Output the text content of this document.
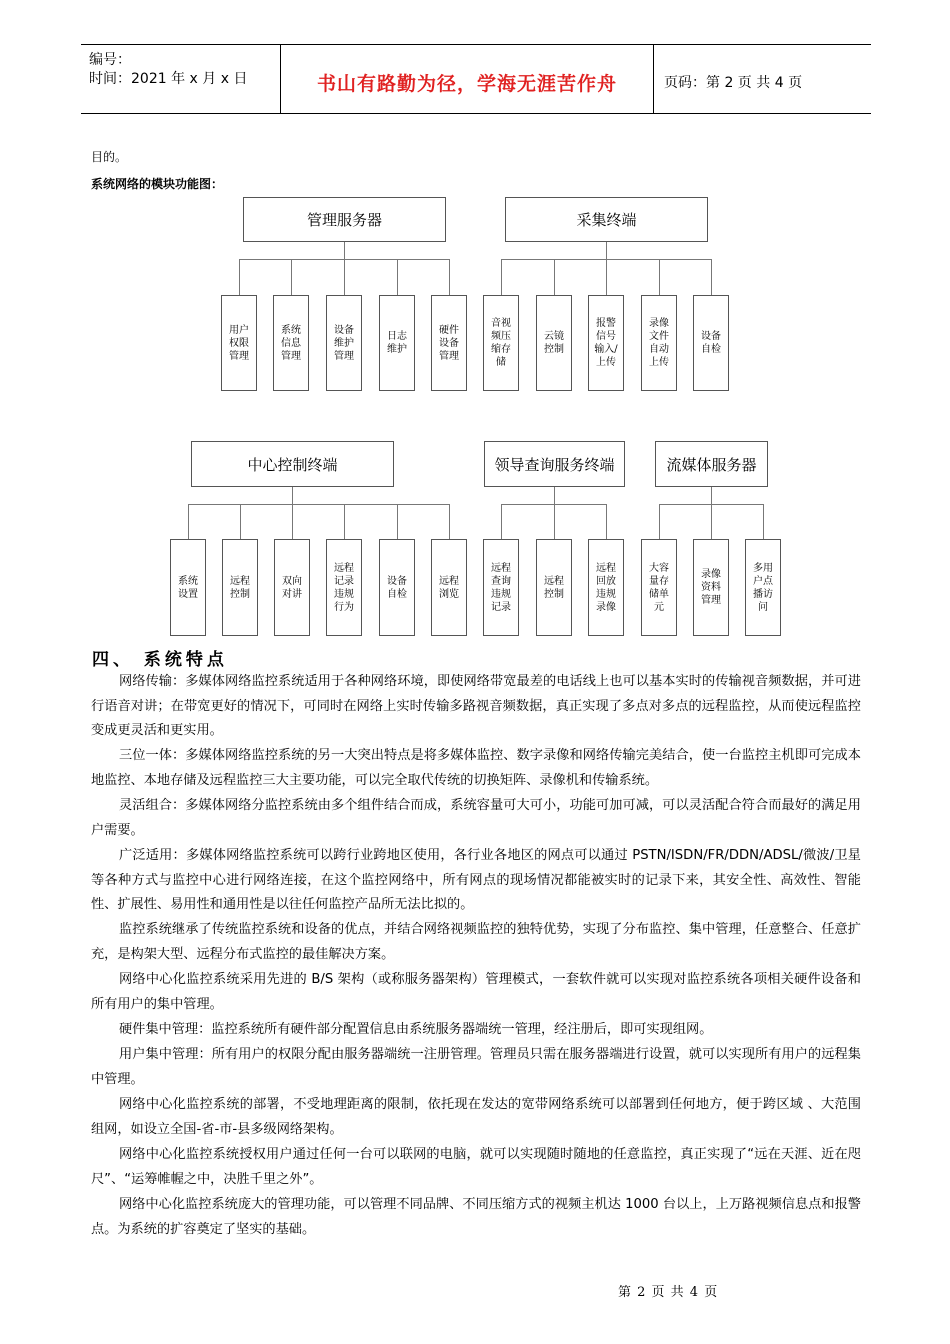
编号：
时间：2021 年 x 月 x 日	书山有路勤为径，学海无涯苦作舟	页码：第 2 页 共 4 页
目的。
系统网络的模块功能图：
管理服务器	采集终端
中心控制终端	领导查询服务终端	流媒体服务器
用户
权限
管理
系统
信息
管理
设备
维护
管理
日志
维护
硬件
设备
管理
音视
频压
缩存
储
云镜
控制
报警
信号
输入/
上传
录像
文件
自动
上传
设备
自检
系统
设置
远程
控制
双向
对讲
远程
记录
违规
行为
设备
自检
远程
浏览
远程
查询
违规
记录
远程
控制
远程
回放
违规
录像
大容
量存
储单
元
录像
资料
管理
多用
户点
播访
问
四、 系统特点
网络传输：多媒体网络监控系统适用于各种网络环境，即使网络带宽最差的电话线上也可以基本实时的传输视音频数据，并可进行语音对讲；在带宽更好的情况下，可同时在网络上实时传输多路视音频数据，真正实现了多点对多点的远程监控，从而使远程监控变成更灵活和更实用。
三位一体：多媒体网络监控系统的另一大突出特点是将多媒体监控、数字录像和网络传输完美结合，使一台监控主机即可完成本地监控、本地存储及远程监控三大主要功能，可以完全取代传统的切换矩阵、录像机和传输系统。
灵活组合：多媒体网络分监控系统由多个组件结合而成，系统容量可大可小，功能可加可减，可以灵活配合符合而最好的满足用户需要。
广泛适用：多媒体网络监控系统可以跨行业跨地区使用，各行业各地区的网点可以通过 PSTN/ISDN/FR/DDN/ADSL/微波/卫星等各种方式与监控中心进行网络连接，在这个监控网络中，所有网点的现场情况都能被实时的记录下来，其安全性、高效性、智能性、扩展性、易用性和通用性是以往任何监控产品所无法比拟的。
监控系统继承了传统监控系统和设备的优点，并结合网络视频监控的独特优势，实现了分布监控、集中管理，任意整合、任意扩充，是构架大型、远程分布式监控的最佳解决方案。
网络中心化监控系统采用先进的 B/S 架构（或称服务器架构）管理模式，一套软件就可以实现对监控系统各项相关硬件设备和所有用户的集中管理。
硬件集中管理：监控系统所有硬件部分配置信息由系统服务器端统一管理，经注册后，即可实现组网。
用户集中管理：所有用户的权限分配由服务器端统一注册管理。管理员只需在服务器端进行设置，就可以实现所有用户的远程集中管理。
网络中心化监控系统的部署，不受地理距离的限制，依托现在发达的宽带网络系统可以部署到任何地方，便于跨区域 、大范围组网，如设立全国-省-市-县多级网络架构。
网络中心化监控系统授权用户通过任何一台可以联网的电脑，就可以实现随时随地的任意监控，真正实现了“远在天涯、近在咫尺”、“运筹帷幄之中，决胜千里之外”。
网络中心化监控系统庞大的管理功能，可以管理不同品牌、不同压缩方式的视频主机达 1000 台以上，上万路视频信息点和报警点。为系统的扩容奠定了坚实的基础。
第 2 页 共 4 页
